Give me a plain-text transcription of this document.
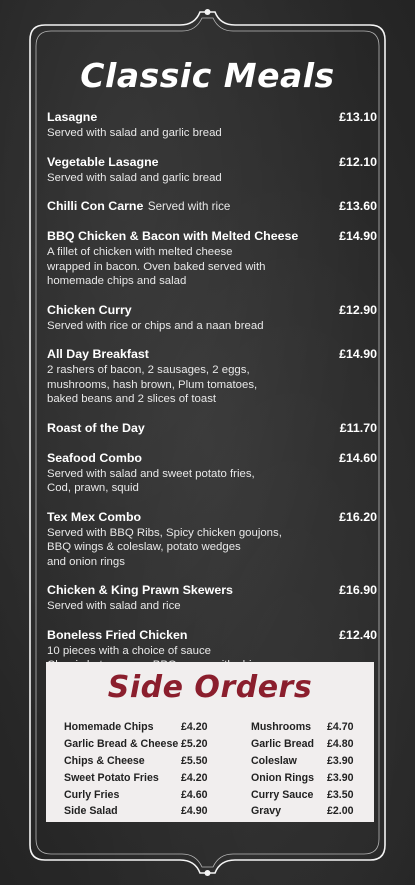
Classic Meals
Lasagne	£13.10
Served with salad and garlic bread
Vegetable Lasagne	£12.10
Served with salad and garlic bread
Chilli Con Carne Served with rice	£13.60
BBQ Chicken & Bacon with Melted Cheese	£14.90
A fillet of chicken with melted cheese
wrapped in bacon. Oven baked served with
homemade chips and salad
Chicken Curry	£12.90
Served with rice or chips and a naan bread
All Day Breakfast	£14.90
2 rashers of bacon, 2 sausages, 2 eggs,
mushrooms, hash brown, Plum tomatoes,
baked beans and 2 slices of toast
Roast of the Day	£11.70
Seafood Combo	£14.60
Served with salad and sweet potato fries,
Cod, prawn, squid
Tex Mex Combo	£16.20
Served with BBQ Ribs, Spicy chicken goujons,
BBQ wings & coleslaw, potato wedges
and onion rings
Chicken & King Prawn Skewers	£16.90
Served with salad and rice
Boneless Fried Chicken	£12.40
10 pieces with a choice of sauce

Side Orders
Homemade Chips	£4.20
Garlic Bread & Cheese £5.20
Chips & Cheese	£5.50
Sweet Potato Fries	£4.20
Curly Fries	£4.60
Side Salad	£4.90
Mushrooms	£4.70
Garlic Bread	£4.80
Coleslaw	£3.90
Onion Rings	£3.90
Curry Sauce	£3.50
Gravy	£2.00
